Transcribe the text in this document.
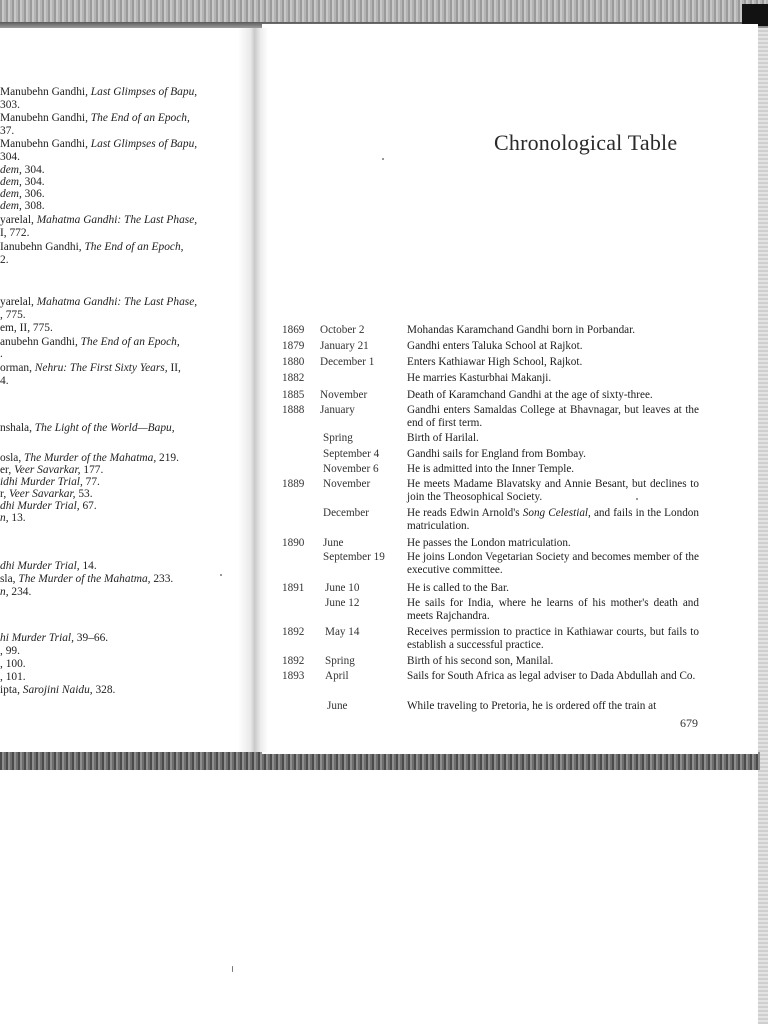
Manubehn Gandhi, Last Glimpses of Bapu,
303.
Manubehn Gandhi, The End of an Epoch,
37.
Manubehn Gandhi, Last Glimpses of Bapu,
304.
dem, 304.
dem, 304.
dem, 306.
dem, 308.
yarelal, Mahatma Gandhi: The Last Phase,
I, 772.
Ianubehn Gandhi, The End of an Epoch,
2.
yarelal, Mahatma Gandhi: The Last Phase,
, 775.
em, II, 775.
anubehn Gandhi, The End of an Epoch,
.
orman, Nehru: The First Sixty Years, II,
4.
nshala, The Light of the World—Bapu,
osla, The Murder of the Mahatma, 219.
er, Veer Savarkar, 177.
idhi Murder Trial, 77.
r, Veer Savarkar, 53.
dhi Murder Trial, 67.
n, 13.
dhi Murder Trial, 14.
sla, The Murder of the Mahatma, 233.
n, 234.
hi Murder Trial, 39–66.
, 99.
, 100.
, 101.
ipta, Sarojini Naidu, 328.
Chronological Table
1869 October 2	Mohandas Karamchand Gandhi born in Porbandar.
1879 January 21	Gandhi enters Taluka School at Rajkot.
1880 December 1	Enters Kathiawar High School, Rajkot.
1882	He marries Kasturbhai Makanji.
1885 November	Death of Karamchand Gandhi at the age of sixty-three.
1888 January	Gandhi enters Samaldas College at Bhavnagar, but leaves at the end of first term.
Spring	Birth of Harilal.
September 4 Gandhi sails for England from Bombay.
November 6	He is admitted into the Inner Temple.
1889 November	He meets Madame Blavatsky and Annie Besant, but declines to join the Theosophical Society.
December	He reads Edwin Arnold's Song Celestial, and fails in the London matriculation.
1890 June	He passes the London matriculation.
September 19 He joins London Vegetarian Society and becomes member of the executive committee.
1891 June 10	He is called to the Bar.
June 12	He sails for India, where he learns of his mother's death and meets Rajchandra.
1892 May 14	Receives permission to practice in Kathiawar courts, but fails to establish a successful practice.
1892 Spring	Birth of his second son, Manilal.
1893 April	Sails for South Africa as legal adviser to Dada Abdullah and Co.
June	While traveling to Pretoria, he is ordered off the train at
679
